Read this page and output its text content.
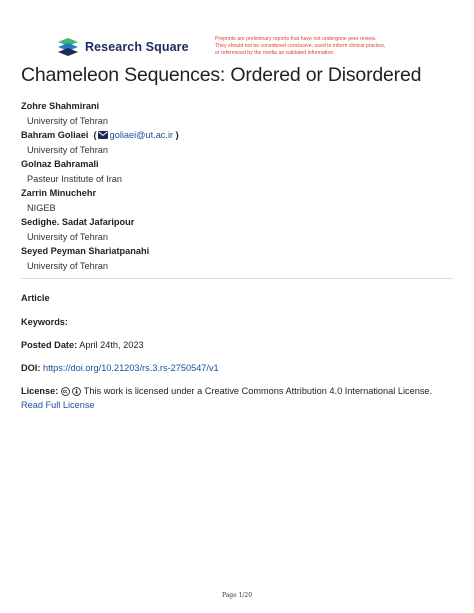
Research Square
Preprints are preliminary reports that have not undergone peer review.
They should not be considered conclusive, used to inform clinical practice,
or referenced by the media as validated information.
Chameleon Sequences: Ordered or Disordered
Zohre Shahmirani
University of Tehran
Bahram Goliaei  ( goliaei@ut.ac.ir )
University of Tehran
Golnaz Bahramali
Pasteur Institute of Iran
Zarrin Minuchehr
NIGEB
Sedighe. Sadat Jafaripour
University of Tehran
Seyed Peyman Shariatpanahi
University of Tehran
Article
Keywords:
Posted Date: April 24th, 2023
DOI: https://doi.org/10.21203/rs.3.rs-2750547/v1
License:	This work is licensed under a Creative Commons Attribution 4.0 International License.
Read Full License
Page 1/20
